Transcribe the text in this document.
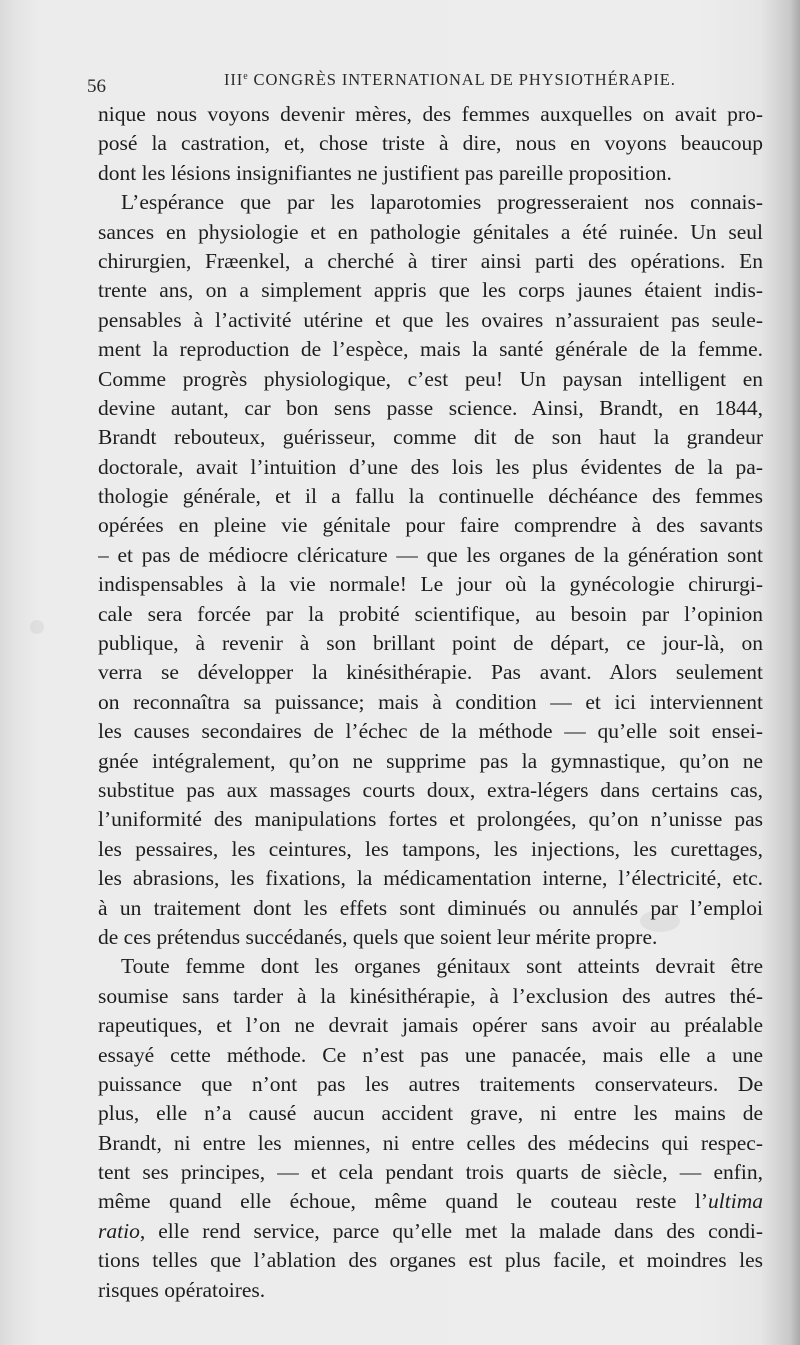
56	IIIe CONGRÈS INTERNATIONAL DE PHYSIOTHÉRAPIE.
nique nous voyons devenir mères, des femmes auxquelles on avait pro-
posé la castration, et, chose triste à dire, nous en voyons beaucoup
dont les lésions insignifiantes ne justifient pas pareille proposition.
L’espérance que par les laparotomies progresseraient nos connais-
sances en physiologie et en pathologie génitales a été ruinée. Un seul
chirurgien, Fræenkel, a cherché à tirer ainsi parti des opérations. En
trente ans, on a simplement appris que les corps jaunes étaient indis-
pensables à l’activité utérine et que les ovaires n’assuraient pas seule-
ment la reproduction de l’espèce, mais la santé générale de la femme.
Comme progrès physiologique, c’est peu! Un paysan intelligent en
devine autant, car bon sens passe science. Ainsi, Brandt, en 1844,
Brandt rebouteux, guérisseur, comme dit de son haut la grandeur
doctorale, avait l’intuition d’une des lois les plus évidentes de la pa-
thologie générale, et il a fallu la continuelle déchéance des femmes
opérées en pleine vie génitale pour faire comprendre à des savants
– et pas de médiocre cléricature — que les organes de la génération sont
indispensables à la vie normale! Le jour où la gynécologie chirurgi-
cale sera forcée par la probité scientifique, au besoin par l’opinion
publique, à revenir à son brillant point de départ, ce jour-là, on
verra se développer la kinésithérapie. Pas avant. Alors seulement
on reconnaîtra sa puissance; mais à condition — et ici interviennent
les causes secondaires de l’échec de la méthode — qu’elle soit ensei-
gnée intégralement, qu’on ne supprime pas la gymnastique, qu’on ne
substitue pas aux massages courts doux, extra-légers dans certains cas,
l’uniformité des manipulations fortes et prolongées, qu’on n’unisse pas
les pessaires, les ceintures, les tampons, les injections, les curettages,
les abrasions, les fixations, la médicamentation interne, l’électricité, etc.
à un traitement dont les effets sont diminués ou annulés par l’emploi
de ces prétendus succédanés, quels que soient leur mérite propre.
Toute femme dont les organes génitaux sont atteints devrait être
soumise sans tarder à la kinésithérapie, à l’exclusion des autres thé-
rapeutiques, et l’on ne devrait jamais opérer sans avoir au préalable
essayé cette méthode. Ce n’est pas une panacée, mais elle a une
puissance que n’ont pas les autres traitements conservateurs. De
plus, elle n’a causé aucun accident grave, ni entre les mains de
Brandt, ni entre les miennes, ni entre celles des médecins qui respec-
tent ses principes, — et cela pendant trois quarts de siècle, — enfin,
même quand elle échoue, même quand le couteau reste l’ultima
ratio, elle rend service, parce qu’elle met la malade dans des condi-
tions telles que l’ablation des organes est plus facile, et moindres les
risques opératoires.
